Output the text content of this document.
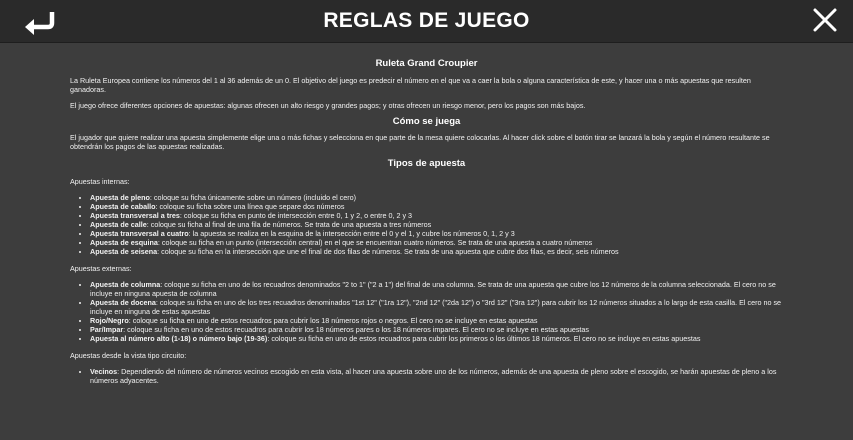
REGLAS DE JUEGO
Ruleta Grand Croupier

La Ruleta Europea contiene los números del 1 al 36 además de un 0. El objetivo del juego es predecir el número en el que va a caer la bola o alguna característica de este, y hacer una o más apuestas que resulten ganadoras.

El juego ofrece diferentes opciones de apuestas: algunas ofrecen un alto riesgo y grandes pagos; y otras ofrecen un riesgo menor, pero los pagos son más bajos.

Cómo se juega

El jugador que quiere realizar una apuesta simplemente elige una o más fichas y selecciona en que parte de la mesa quiere colocarlas. Al hacer click sobre el botón tirar se lanzará la bola y según el número resultante se obtendrán los pagos de las apuestas realizadas.

Tipos de apuesta
Apuestas internas:
• Apuesta de pleno: coloque su ficha únicamente sobre un número (incluido el cero)
• Apuesta de caballo: coloque su ficha sobre una línea que separe dos números
• Apuesta transversal a tres: coloque su ficha en punto de intersección entre 0, 1 y 2, o entre 0, 2 y 3
• Apuesta de calle: coloque su ficha al final de una fila de números. Se trata de una apuesta a tres números
• Apuesta transversal a cuatro: la apuesta se realiza en la esquina de la intersección entre el 0 y el 1, y cubre los números 0, 1, 2 y 3
• Apuesta de esquina: coloque su ficha en un punto (intersección central) en el que se encuentran cuatro números. Se trata de una apuesta a cuatro números
• Apuesta de seisena: coloque su ficha en la intersección que une el final de dos filas de números. Se trata de una apuesta que cubre dos filas, es decir, seis números
Apuestas externas:
• Apuesta de columna: coloque su ficha en uno de los recuadros denominados "2 to 1" ("2 a 1") del final de una columna. Se trata de una apuesta que cubre los 12 números de la columna seleccionada. El cero no se incluye en ninguna apuesta de columna
• Apuesta de docena: coloque su ficha en uno de los tres recuadros denominados "1st 12" ("1ra 12"), "2nd 12" ("2da 12") o "3rd 12" ("3ra 12") para cubrir los 12 números situados a lo largo de esta casilla. El cero no se incluye en ninguna de estas apuestas
• Rojo/Negro: coloque su ficha en uno de estos recuadros para cubrir los 18 números rojos o negros. El cero no se incluye en estas apuestas
• Par/Impar: coloque su ficha en uno de estos recuadros para cubrir los 18 números pares o los 18 números impares. El cero no se incluye en estas apuestas
• Apuesta al número alto (1-18) o número bajo (19-36): coloque su ficha en uno de estos recuadros para cubrir los primeros o los últimos 18 números. El cero no se incluye en estas apuestas
Apuestas desde la vista tipo circuito:
• Vecinos: Dependiendo del número de números vecinos escogido en esta vista, al hacer una apuesta sobre uno de los números, además de una apuesta de pleno sobre el escogido, se harán apuestas de pleno a los números adyacentes.
